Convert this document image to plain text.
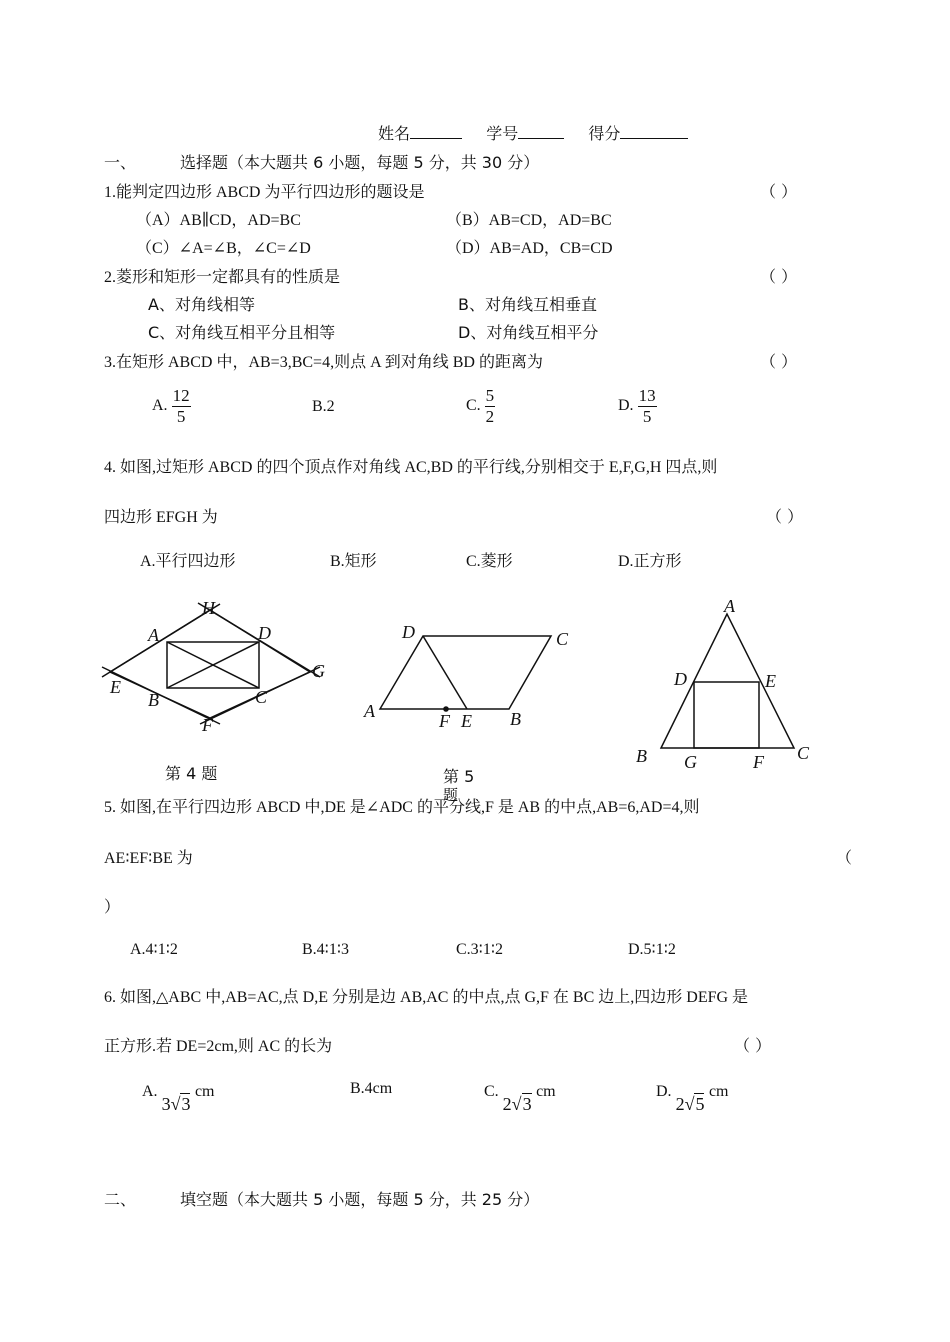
姓名	学号	得分
一、	选择题（本大题共 6 小题，每题 5 分，共 30 分）
1.能判定四边形 ABCD 为平行四边形的题设是	（ ）
（A）AB∥CD，AD=BC	（B）AB=CD，AD=BC
（C）∠A=∠B，∠C=∠D	（D）AB=AD，CB=CD
2.菱形和矩形一定都具有的性质是	（ ）
A、对角线相等	B、对角线互相垂直
C、对角线互相平分且相等	D、对角线互相平分
3.在矩形 ABCD 中，AB=3,BC=4,则点 A 到对角线 BD 的距离为	（ ）
A. $\frac{12}{5}$	B.2	C. $\frac{5}{2}$	D. $\frac{13}{5}$
4. 如图,过矩形 ABCD 的四个顶点作对角线 AC,BD 的平行线,分别相交于 E,F,G,H 四点,则
四边形 EFGH 为	（ ）
A.平行四边形	B.矩形	C.菱形	D.正方形
H
A	D
E
G
B	C
F
第 4 题
D	C
A	F E B
第 5
题
A
D	E
B G	F C
5. 如图,在平行四边形 ABCD 中,DE 是∠ADC 的平分线,F 是 AB 的中点,AB=6,AD=4,则
AE∶EF∶BE 为	（
）
A.4∶1∶2	B.4∶1∶3	C.3∶1∶2	D.5∶1∶2
6. 如图,△ABC 中,AB=AC,点 D,E 分别是边 AB,AC 的中点,点 G,F 在 BC 边上,四边形 DEFG 是
正方形.若 DE=2cm,则 AC 的长为	（ ）
A. 3√3 cm	B.4cm	C. 2√3 cm	D. 2√5 cm
二、	填空题（本大题共 5 小题，每题 5 分，共 25 分）
